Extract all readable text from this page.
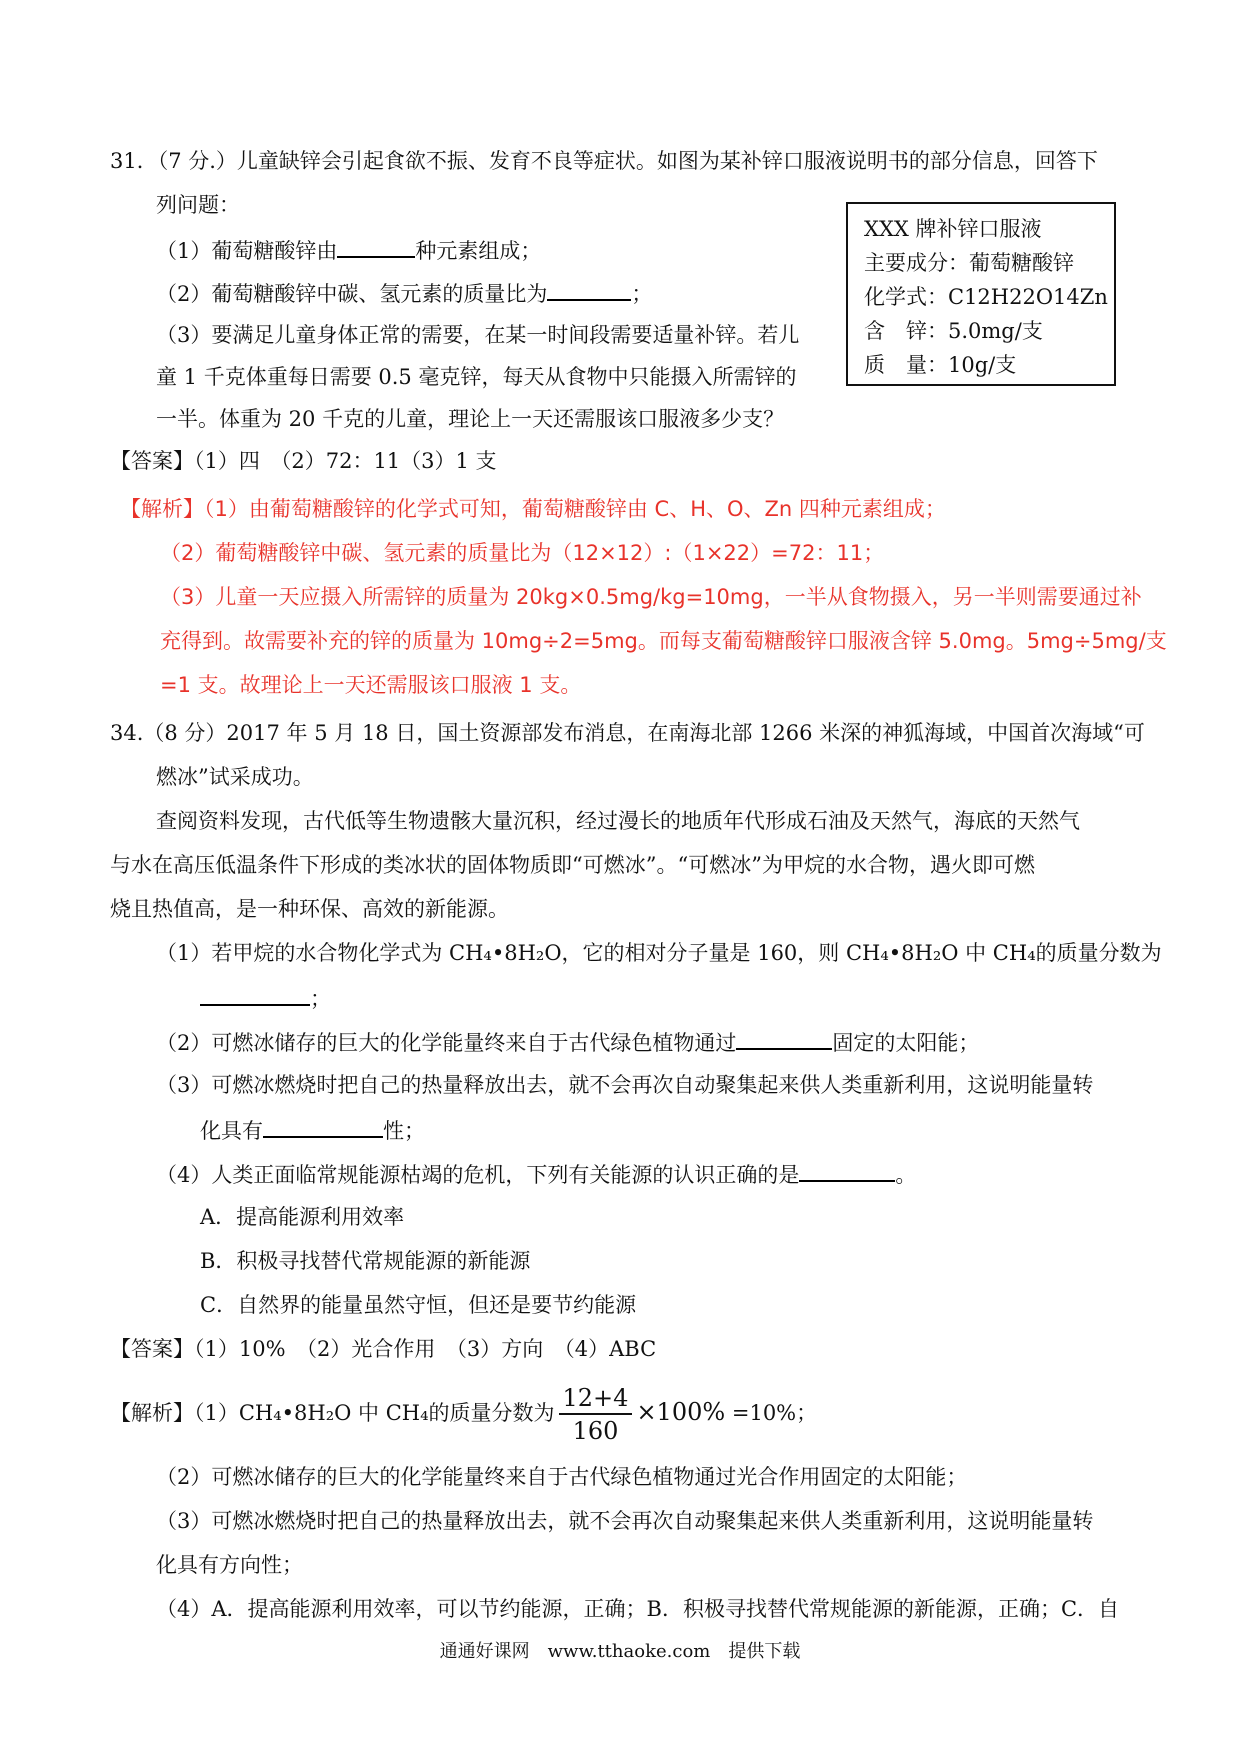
31．（7 分.）儿童缺锌会引起食欲不振、发育不良等症状。如图为某补锌口服液说明书的部分信息，回答下
列问题：
（1）葡萄糖酸锌由	种元素组成；
（2）葡萄糖酸锌中碳、氢元素的质量比为	；
（3）要满足儿童身体正常的需要，在某一时间段需要适量补锌。若儿
童 1 千克体重每日需要 0.5 毫克锌，每天从食物中只能摄入所需锌的
一半。体重为 20 千克的儿童，理论上一天还需服该口服液多少支？
XXX 牌补锌口服液
主要成分：葡萄糖酸锌
化学式：C12H22O14Zn
含　锌：5.0mg/支
质　量：10g/支
【答案】（1）四　（2）72：11（3）1 支
【解析】（1）由葡萄糖酸锌的化学式可知，葡萄糖酸锌由 C、H、O、Zn 四种元素组成；
（2）葡萄糖酸锌中碳、氢元素的质量比为（12×12）:（1×22）=72：11；
（3）儿童一天应摄入所需锌的质量为 20kg×0.5mg/kg=10mg，一半从食物摄入，另一半则需要通过补
充得到。故需要补充的锌的质量为 10mg÷2=5mg。而每支葡萄糖酸锌口服液含锌 5.0mg。5mg÷5mg/支
=1 支。故理论上一天还需服该口服液 1 支。
34.（8 分）2017 年 5 月 18 日，国土资源部发布消息，在南海北部 1266 米深的神狐海域，中国首次海域“可
燃冰”试采成功。
查阅资料发现，古代低等生物遗骸大量沉积，经过漫长的地质年代形成石油及天然气，海底的天然气
与水在高压低温条件下形成的类冰状的固体物质即“可燃冰”。“可燃冰”为甲烷的水合物，遇火即可燃
烧且热值高，是一种环保、高效的新能源。
（1）若甲烷的水合物化学式为 CH₄•8H₂O，它的相对分子量是 160，则 CH₄•8H₂O 中 CH₄的质量分数为
；
（2）可燃冰储存的巨大的化学能量终来自于古代绿色植物通过	固定的太阳能；
（3）可燃冰燃烧时把自己的热量释放出去，就不会再次自动聚集起来供人类重新利用，这说明能量转
化具有	性；
（4）人类正面临常规能源枯竭的危机，下列有关能源的认识正确的是	。
A．提高能源利用效率
B．积极寻找替代常规能源的新能源
C．自然界的能量虽然守恒，但还是要节约能源
【答案】（1）10%　（2）光合作用　（3）方向　（4）ABC
【解析】（1）CH₄•8H₂O 中 CH₄的质量分数为 $\frac{12+4}{160} \times 100\% =10\%$；
（2）可燃冰储存的巨大的化学能量终来自于古代绿色植物通过光合作用固定的太阳能；
（3）可燃冰燃烧时把自己的热量释放出去，就不会再次自动聚集起来供人类重新利用，这说明能量转
化具有方向性；
（4）A．提高能源利用效率，可以节约能源，正确；B．积极寻找替代常规能源的新能源，正确；C．自
通通好课网　www.tthaoke.com　提供下载
